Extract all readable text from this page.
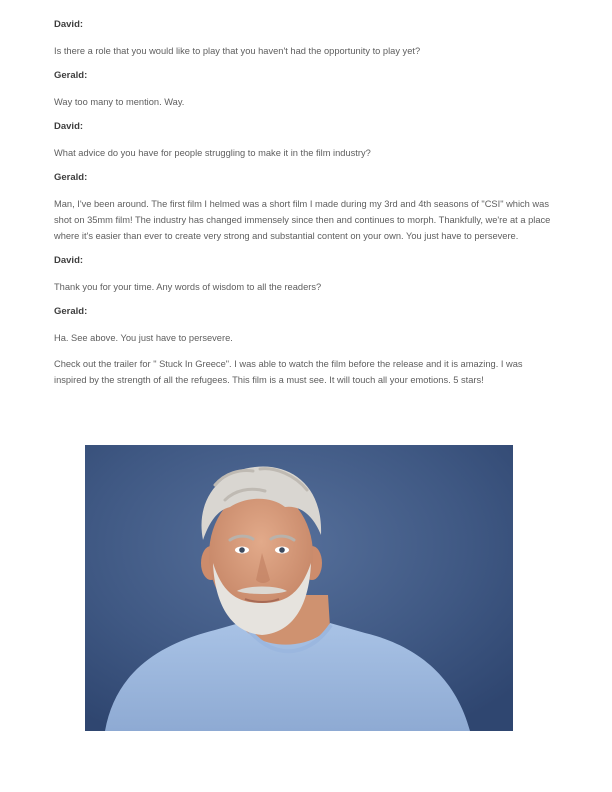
David:
Is there a role that you would like to play that you haven't had the opportunity to play yet?
Gerald:
Way too many to mention. Way.
David:
What advice do you have for people struggling to make it in the film industry?
Gerald:
Man, I've been around. The first film I helmed was a short film I made during my 3rd and 4th seasons of "CSI" which was shot on 35mm film! The industry has changed immensely since then and continues to morph. Thankfully, we're at a place where it's easier than ever to create very strong and substantial content on your own. You just have to persevere.
David:
Thank you for your time. Any words of wisdom to all the readers?
Gerald:
Ha. See above. You just have to persevere.
Check out the trailer for " Stuck In Greece". I was able to watch the film before the release and it is amazing. I was inspired by the strength of all the refugees. This film is a must see. It will touch all your emotions. 5 stars!
